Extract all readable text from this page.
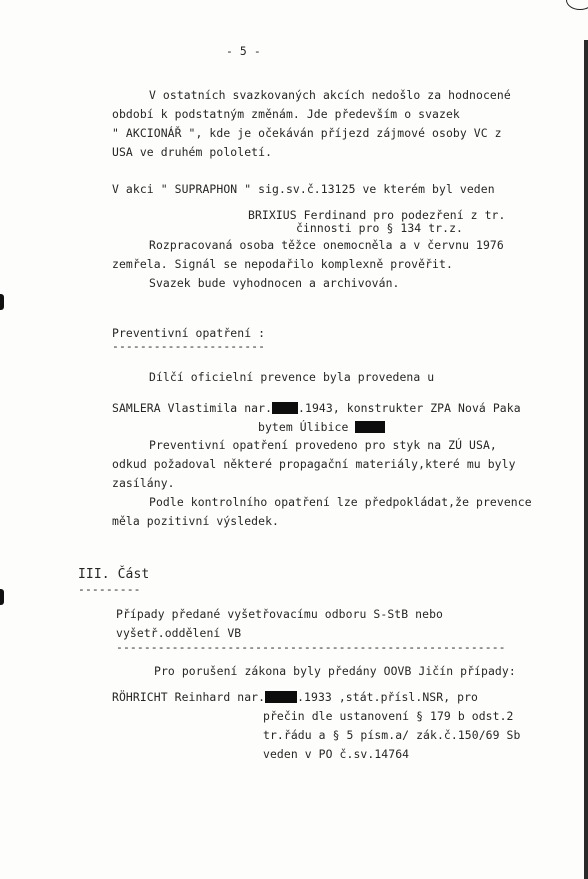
- 5 -
V ostatních svazkovaných akcích nedošlo za hodnocené
období k podstatným změnám. Jde především o svazek
" AKCIONÁŘ ", kde je očekáván příjezd zájmové osoby VC z
USA ve druhém pololetí.
V akci " SUPRAPHON " sig.sv.č.13125 ve kterém byl veden
BRIXIUS Ferdinand pro podezření z tr.
činnosti pro § 134 tr.z.
Rozpracovaná osoba těžce onemocněla a v červnu 1976
zemřela. Signál se nepodařilo komplexně prověřit.
Svazek bude vyhodnocen a archivován.
Preventivní opatření :
----------------------
Dílčí oficielní prevence byla provedena u
SAMLERA Vlastimila nar. .1943, konstrukter ZPA Nová Paka
bytem Úlibice
Preventivní opatření provedeno pro styk na ZÚ USA,
odkud požadoval některé propagační materiály,které mu byly
zasílány.
Podle kontrolního opatření lze předpokládat,že prevence
měla pozitivní výsledek.
III. Část
---------
Případy předané vyšetřovacímu odboru S-StB nebo
vyšetř.oddělení VB
--------------------------------------------------------
Pro porušení zákona byly předány OOVB Jičín případy:
RÖHRICHT Reinhard nar.	.1933 ,stát.přísl.NSR, pro
přečin dle ustanovení § 179 b odst.2
tr.řádu a § 5 písm.a/ zák.č.150/69 Sb
veden v PO č.sv.14764
